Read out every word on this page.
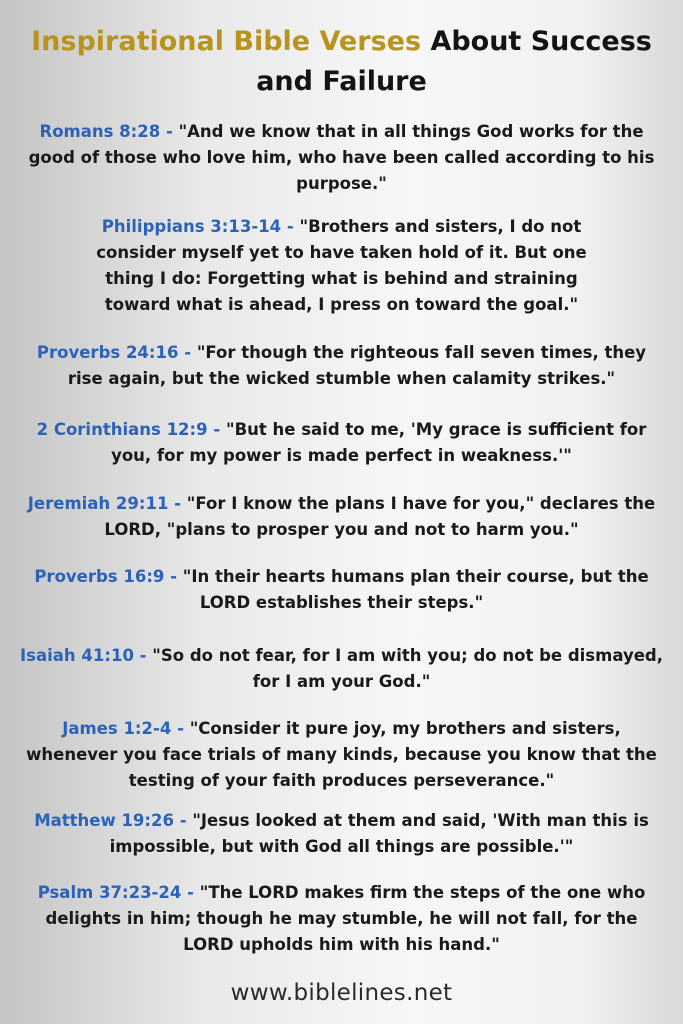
Inspirational Bible Verses About Success and Failure
Romans 8:28 - "And we know that in all things God works for the good of those who love him, who have been called according to his purpose."
Philippians 3:13-14 - "Brothers and sisters, I do not consider myself yet to have taken hold of it. But one thing I do: Forgetting what is behind and straining toward what is ahead, I press on toward the goal."
Proverbs 24:16 - "For though the righteous fall seven times, they rise again, but the wicked stumble when calamity strikes."
2 Corinthians 12:9 - "But he said to me, 'My grace is sufficient for you, for my power is made perfect in weakness.'"
Jeremiah 29:11 - "For I know the plans I have for you," declares the LORD, "plans to prosper you and not to harm you."
Proverbs 16:9 - "In their hearts humans plan their course, but the LORD establishes their steps."
Isaiah 41:10 - "So do not fear, for I am with you; do not be dismayed, for I am your God."
James 1:2-4 - "Consider it pure joy, my brothers and sisters, whenever you face trials of many kinds, because you know that the testing of your faith produces perseverance."
Matthew 19:26 - "Jesus looked at them and said, 'With man this is impossible, but with God all things are possible.'"
Psalm 37:23-24 - "The LORD makes firm the steps of the one who delights in him; though he may stumble, he will not fall, for the LORD upholds him with his hand."
www.biblelines.net
